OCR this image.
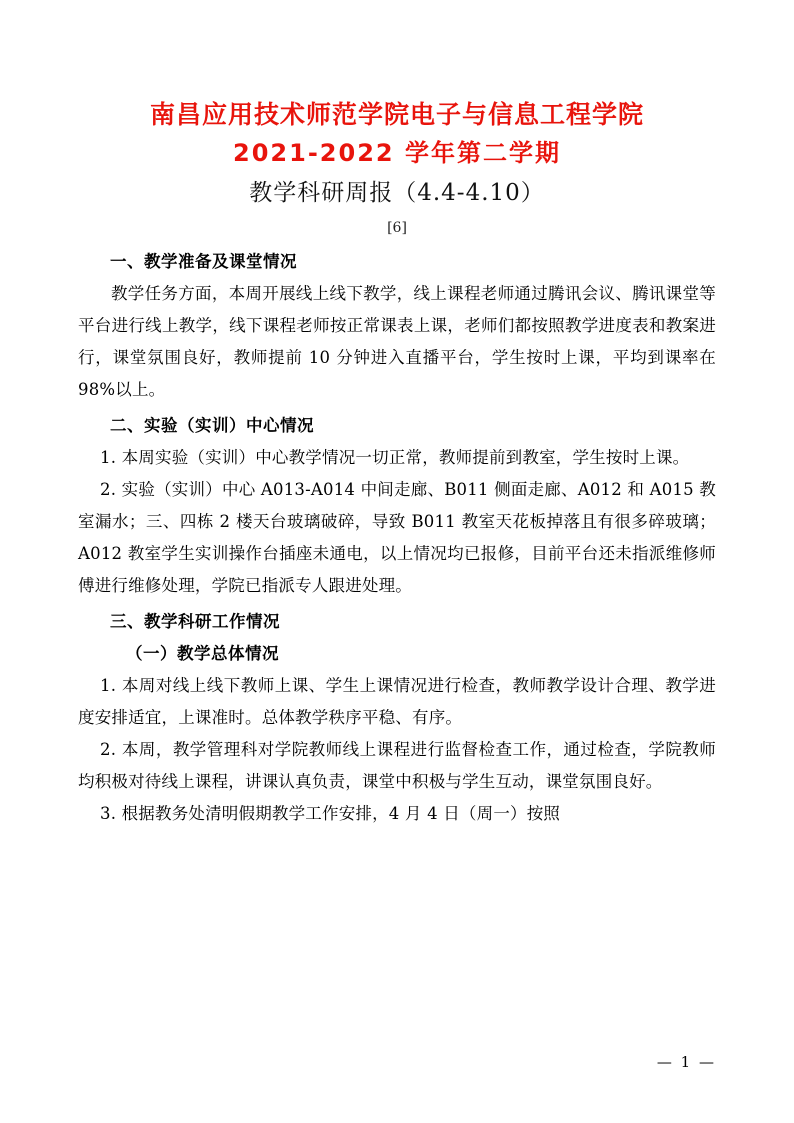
南昌应用技术师范学院电子与信息工程学院
2021-2022 学年第二学期
教学科研周报（4.4-4.10）
[6]
一、教学准备及课堂情况

教学任务方面，本周开展线上线下教学，线上课程老师通过腾讯会议、腾讯课堂等平台进行线上教学，线下课程老师按正常课表上课，老师们都按照教学进度表和教案进行，课堂氛围良好，教师提前 10 分钟进入直播平台，学生按时上课，平均到课率在 98%以上。

二、实验（实训）中心情况

1. 本周实验（实训）中心教学情况一切正常，教师提前到教室，学生按时上课。

2. 实验（实训）中心 A013-A014 中间走廊、B011 侧面走廊、A012 和 A015 教室漏水；三、四栋 2 楼天台玻璃破碎，导致 B011 教室天花板掉落且有很多碎玻璃；A012 教室学生实训操作台插座未通电，以上情况均已报修，目前平台还未指派维修师傅进行维修处理，学院已指派专人跟进处理。

三、教学科研工作情况
（一）教学总体情况

1. 本周对线上线下教师上课、学生上课情况进行检查，教师教学设计合理、教学进度安排适宜，上课准时。总体教学秩序平稳、有序。

2. 本周，教学管理科对学院教师线上课程进行监督检查工作，通过检查，学院教师均积极对待线上课程，讲课认真负责，课堂中积极与学生互动，课堂氛围良好。

3. 根据教务处清明假期教学工作安排，4 月 4 日（周一）按照

— 1 —
